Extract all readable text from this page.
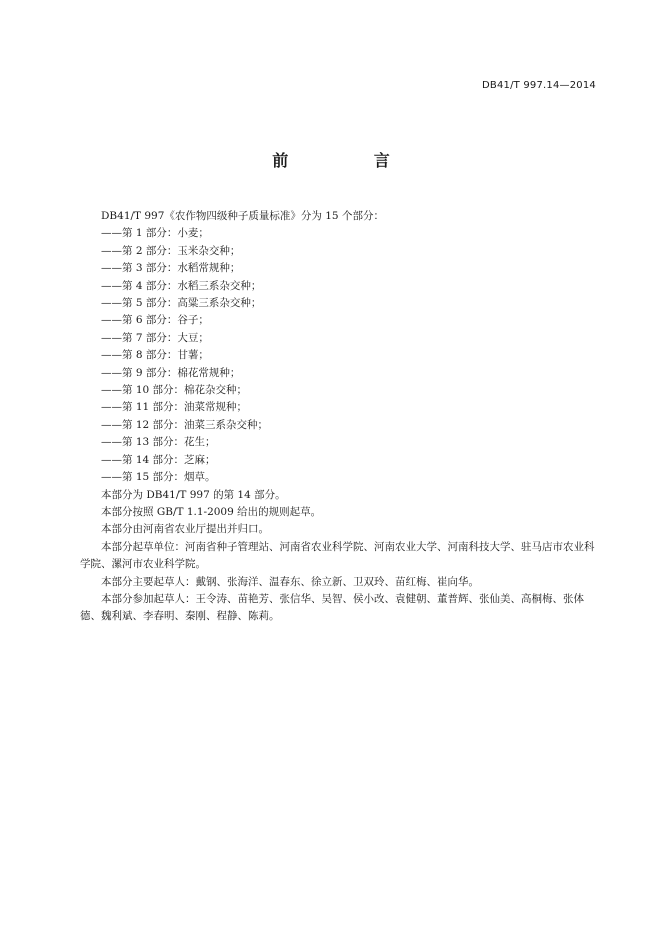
DB41/T 997.14—2014
前 言
DB41/T 997《农作物四级种子质量标准》分为 15 个部分：
——第 1 部分：小麦；
——第 2 部分：玉米杂交种；
——第 3 部分：水稻常规种；
——第 4 部分：水稻三系杂交种；
——第 5 部分：高粱三系杂交种；
——第 6 部分：谷子；
——第 7 部分：大豆；
——第 8 部分：甘薯；
——第 9 部分：棉花常规种；
——第 10 部分：棉花杂交种；
——第 11 部分：油菜常规种；
——第 12 部分：油菜三系杂交种；
——第 13 部分：花生；
——第 14 部分：芝麻；
——第 15 部分：烟草。
本部分为 DB41/T 997 的第 14 部分。
本部分按照 GB/T 1.1-2009 给出的规则起草。
本部分由河南省农业厅提出并归口。
本部分起草单位：河南省种子管理站、河南省农业科学院、河南农业大学、河南科技大学、驻马店市农业科学院、漯河市农业科学院。
本部分主要起草人：戴钢、张海洋、温春东、徐立新、卫双玲、苗红梅、崔向华。
本部分参加起草人：王令涛、苗艳芳、张信华、吴智、侯小改、袁健朝、董普辉、张仙美、高桐梅、张体德、魏利斌、李春明、秦刚、程静、陈莉。
